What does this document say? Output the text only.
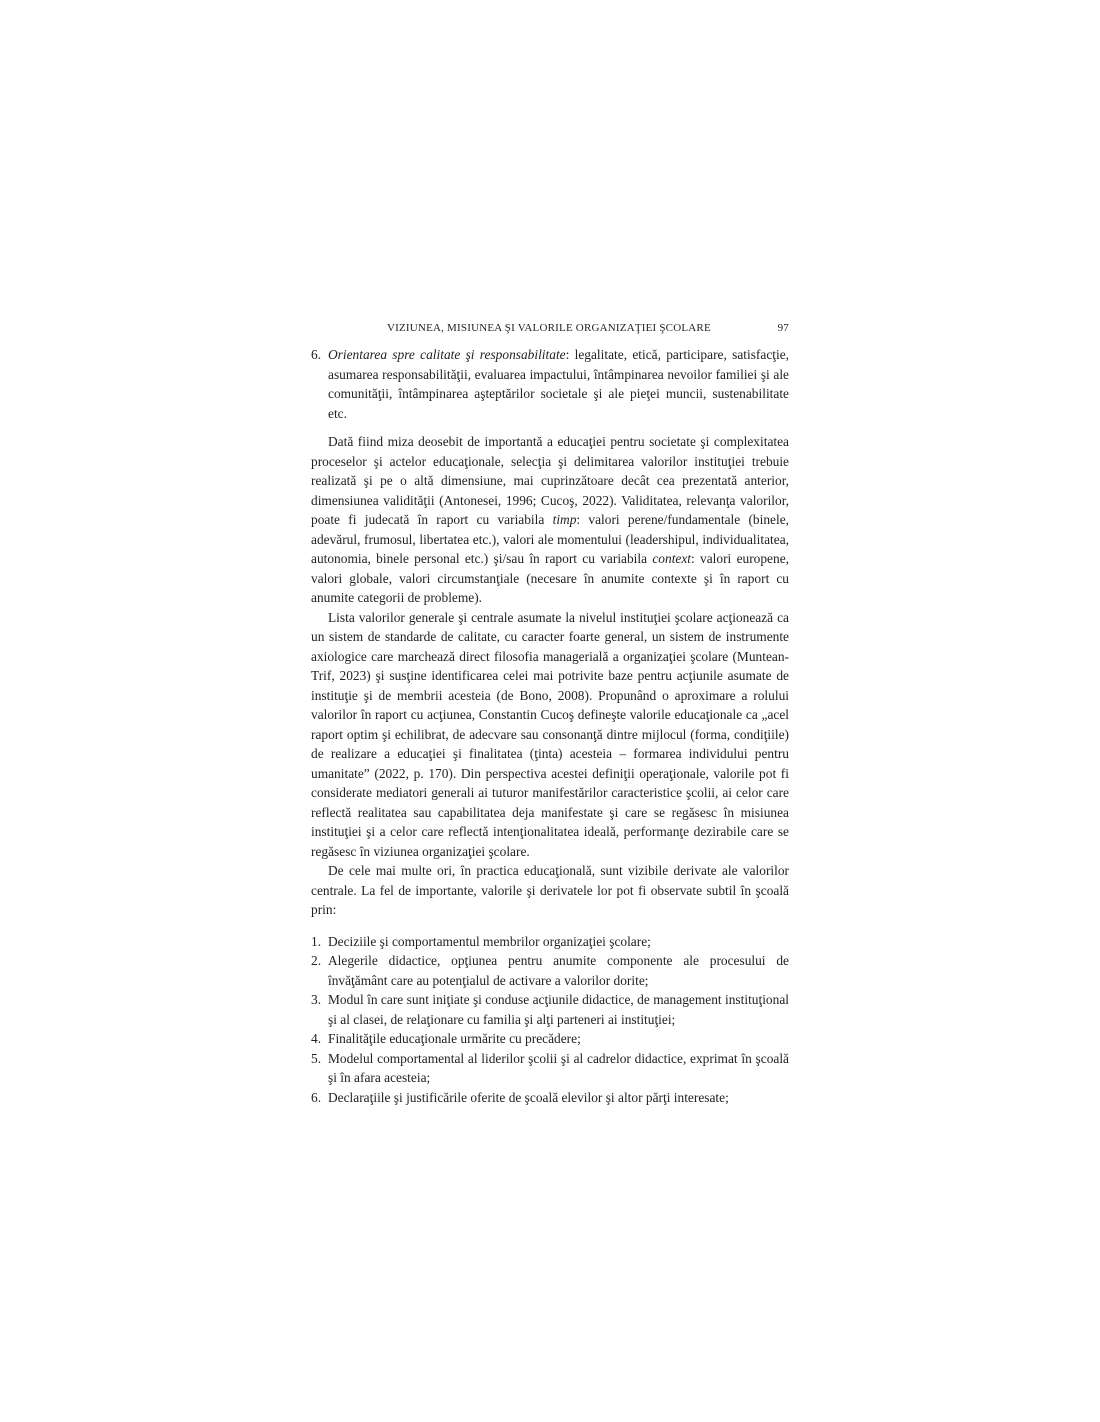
VIZIUNEA, MISIUNEA ŞI VALORILE ORGANIZAŢIEI ŞCOLARE	97
6. Orientarea spre calitate şi responsabilitate: legalitate, etică, participare, satisfacţie, asumarea responsabilităţii, evaluarea impactului, întâmpinarea nevoilor familiei şi ale comunităţii, întâmpinarea aşteptărilor societale şi ale pieţei muncii, sustenabilitate etc.

Dată fiind miza deosebit de importantă a educaţiei pentru societate şi complexitatea proceselor şi actelor educaţionale, selecţia şi delimitarea valorilor instituţiei trebuie realizată şi pe o altă dimensiune, mai cuprinzătoare decât cea prezentată anterior, dimensiunea validităţii (Antonesei, 1996; Cucoş, 2022). Validitatea, relevanţa valorilor, poate fi judecată în raport cu variabila timp: valori perene/fundamentale (binele, adevărul, frumosul, libertatea etc.), valori ale momentului (leadershipul, individualitatea, autonomia, binele personal etc.) şi/sau în raport cu variabila context: valori europene, valori globale, valori circumstanţiale (necesare în anumite contexte şi în raport cu anumite categorii de probleme).

Lista valorilor generale şi centrale asumate la nivelul instituţiei şcolare acţionează ca un sistem de standarde de calitate, cu caracter foarte general, un sistem de instrumente axiologice care marchează direct filosofia managerială a organizaţiei şcolare (Muntean-Trif, 2023) şi susţine identificarea celei mai potrivite baze pentru acţiunile asumate de instituţie şi de membrii acesteia (de Bono, 2008). Propunând o aproximare a rolului valorilor în raport cu acţiunea, Constantin Cucoş defineşte valorile educaţionale ca „acel raport optim şi echilibrat, de adecvare sau consonanţă dintre mijlocul (forma, condiţiile) de realizare a educaţiei şi finalitatea (ţinta) acesteia – formarea individului pentru umanitate” (2022, p. 170). Din perspectiva acestei definiţii operaţionale, valorile pot fi considerate mediatori generali ai tuturor manifestărilor caracteristice şcolii, ai celor care reflectă realitatea sau capabilitatea deja manifestate şi care se regăsesc în misiunea instituţiei şi a celor care reflectă intenţionalitatea ideală, performanţe dezirabile care se regăsesc în viziunea organizaţiei şcolare.

De cele mai multe ori, în practica educaţională, sunt vizibile derivate ale valorilor centrale. La fel de importante, valorile şi derivatele lor pot fi observate subtil în şcoală prin:

1. Deciziile şi comportamentul membrilor organizaţiei şcolare;
2. Alegerile didactice, opţiunea pentru anumite componente ale procesului de învăţământ care au potenţialul de activare a valorilor dorite;
3. Modul în care sunt iniţiate şi conduse acţiunile didactice, de management instituţional şi al clasei, de relaţionare cu familia şi alţi parteneri ai instituţiei;
4. Finalităţile educaţionale urmărite cu precădere;
5. Modelul comportamental al liderilor şcolii şi al cadrelor didactice, exprimat în şcoală şi în afara acesteia;
6. Declaraţiile şi justificările oferite de şcoală elevilor şi altor părţi interesate;
